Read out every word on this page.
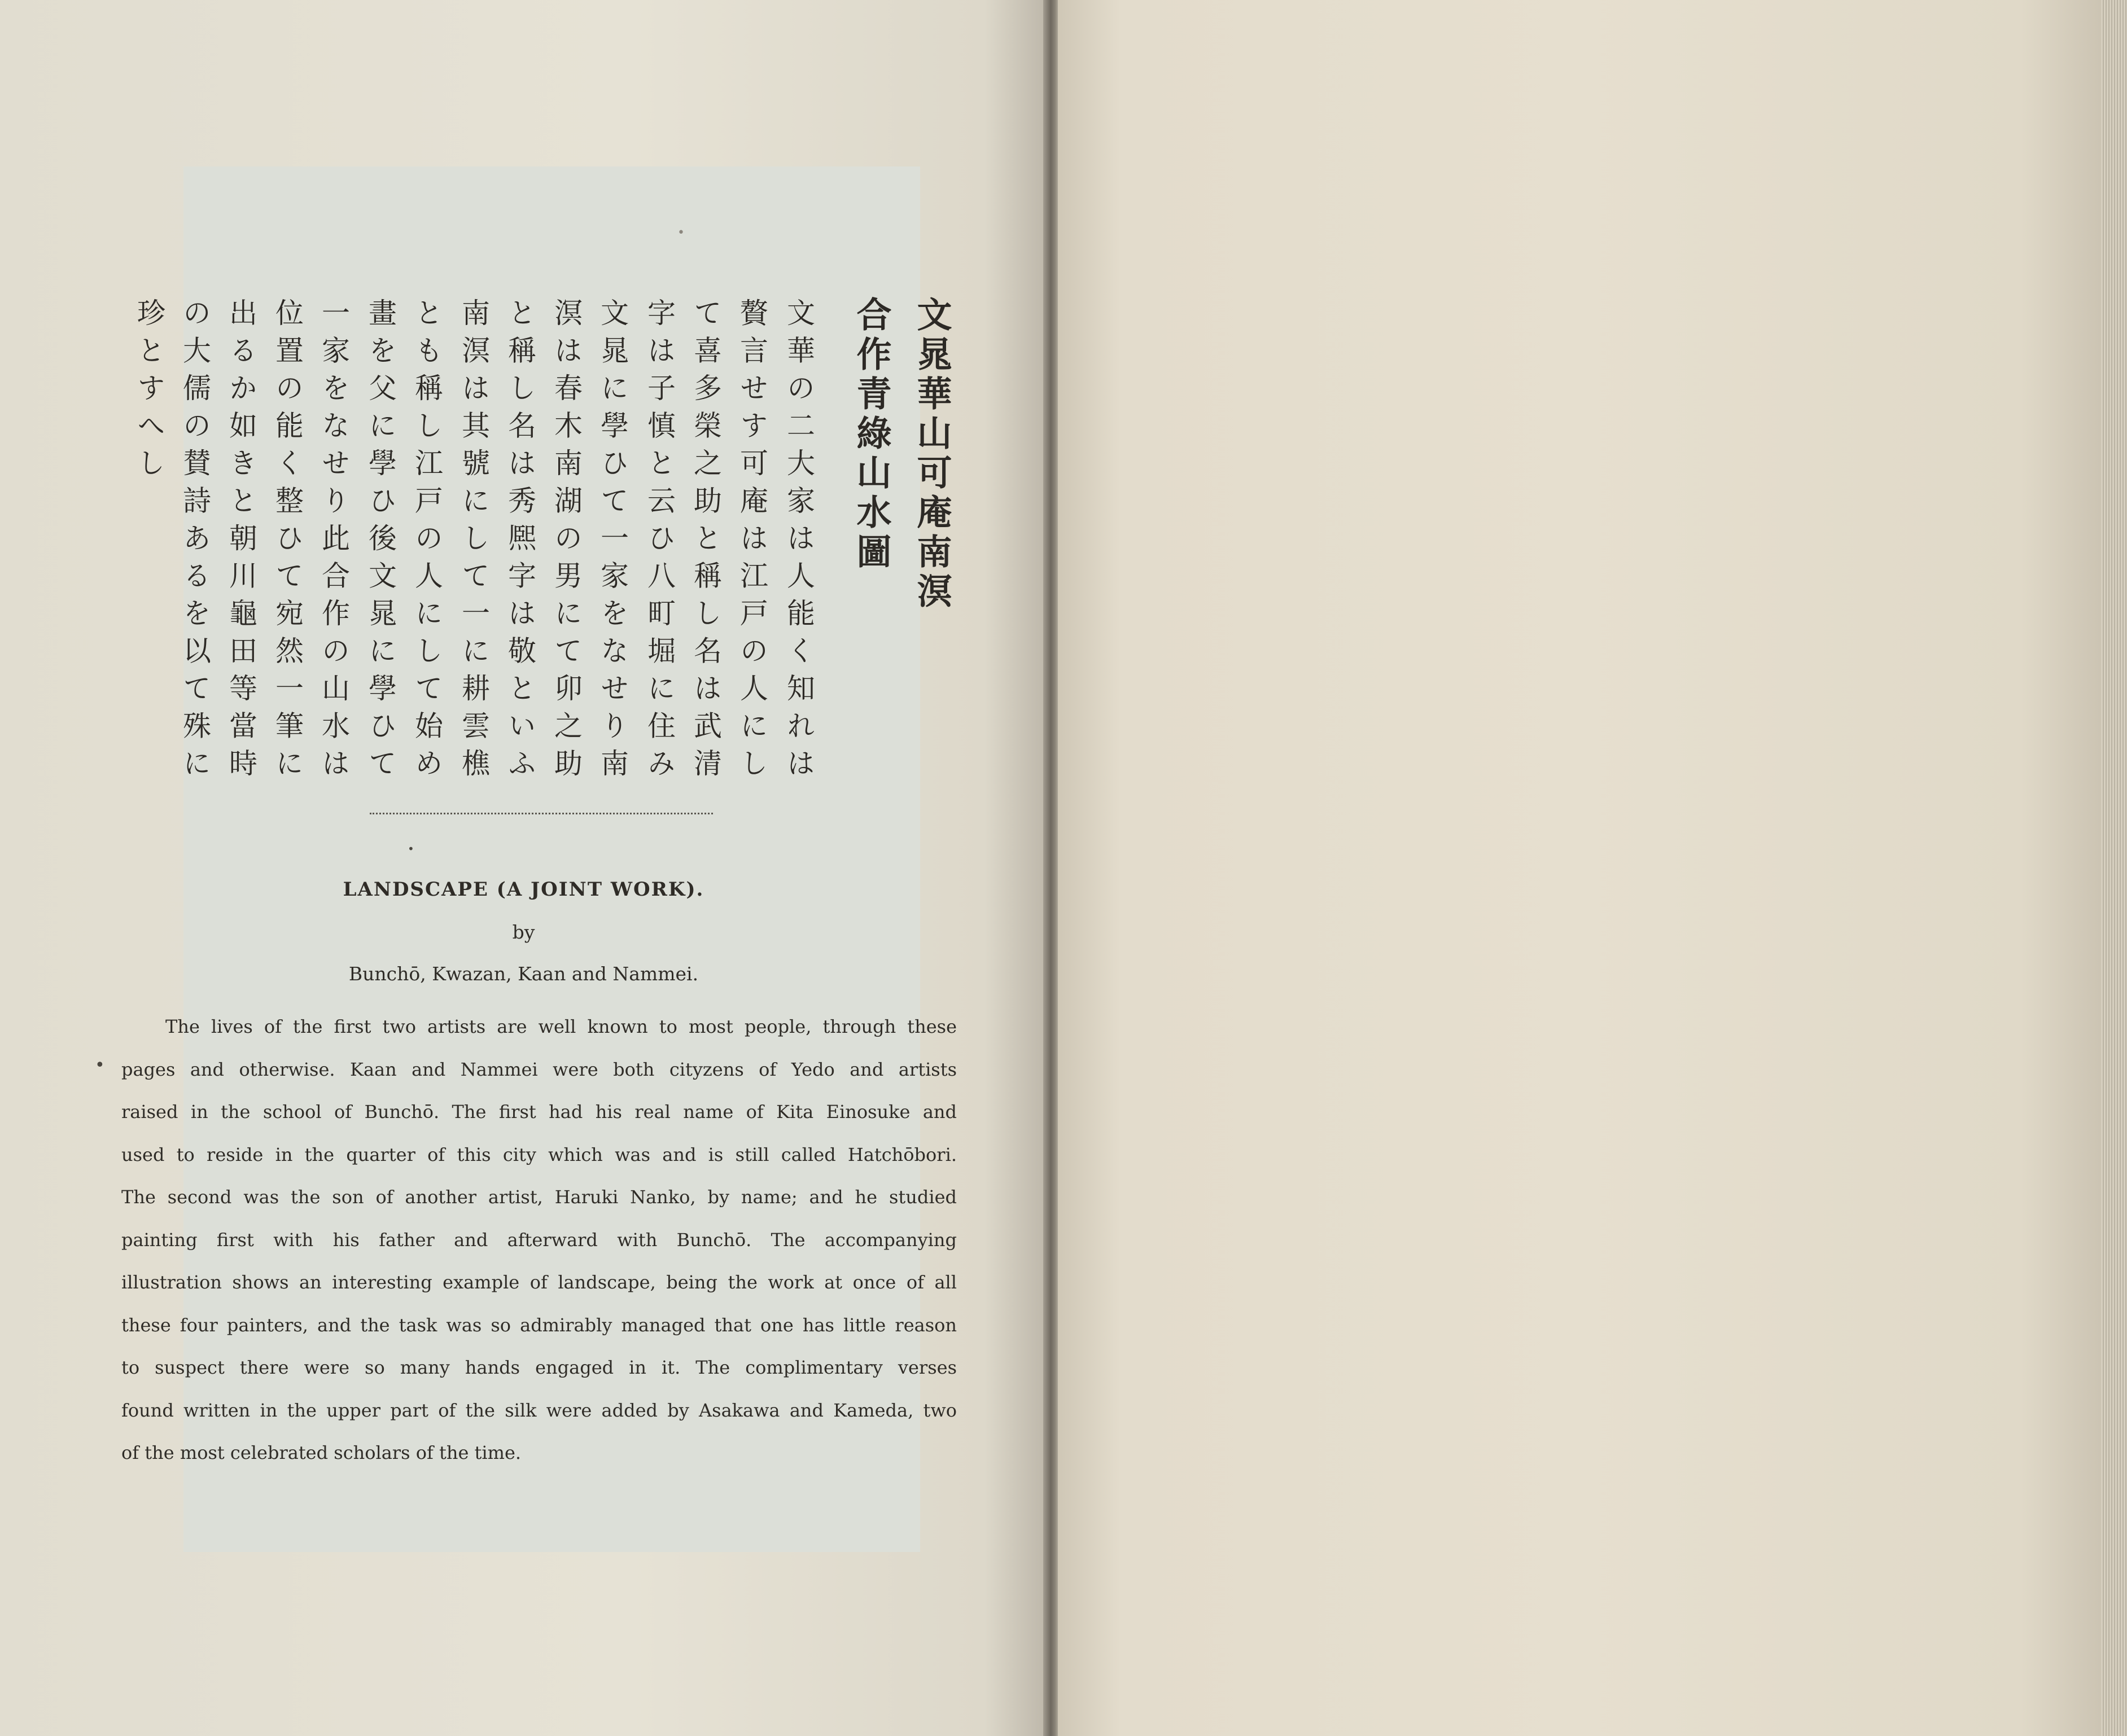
文晁華山可庵南溟
合作青綠山水圖

文華の二大家は人能く知れは

贅言せす可庵は江戸の人にし

て喜多榮之助と稱し名は武清

字は子慎と云ひ八町堀に住み

文晁に學ひて一家をなせり南

溟は春木南湖の男にて卯之助

と稱し名は秀熈字は敬といふ

南溟は其號にして一に耕雲樵

とも稱し江戸の人にして始め

畫を父に學ひ後文晁に學ひて

一家をなせり此合作の山水は

位置の能く整ひて宛然一筆に

出るか如きと朝川龜田等當時

の大儒の賛詩あるを以て殊に

珍とすへし

LANDSCAPE (A JOINT WORK).
by
Bunchō, Kwazan, Kaan and Nammei.
The lives of the first two artists are well known to most people, through these
pages and otherwise. Kaan and Nammei were both cityzens of Yedo and artists
raised in the school of Bunchō. The first had his real name of Kita Einosuke and
used to reside in the quarter of this city which was and is still called Hatchōbori.
The second was the son of another artist, Haruki Nanko, by name; and he studied
painting first with his father and afterward with Bunchō. The accompanying
illustration shows an interesting example of landscape, being the work at once of all
these four painters, and the task was so admirably managed that one has little reason
to suspect there were so many hands engaged in it. The complimentary verses
found written in the upper part of the silk were added by Asakawa and Kameda, two
of the most celebrated scholars of the time.
•
•
•
